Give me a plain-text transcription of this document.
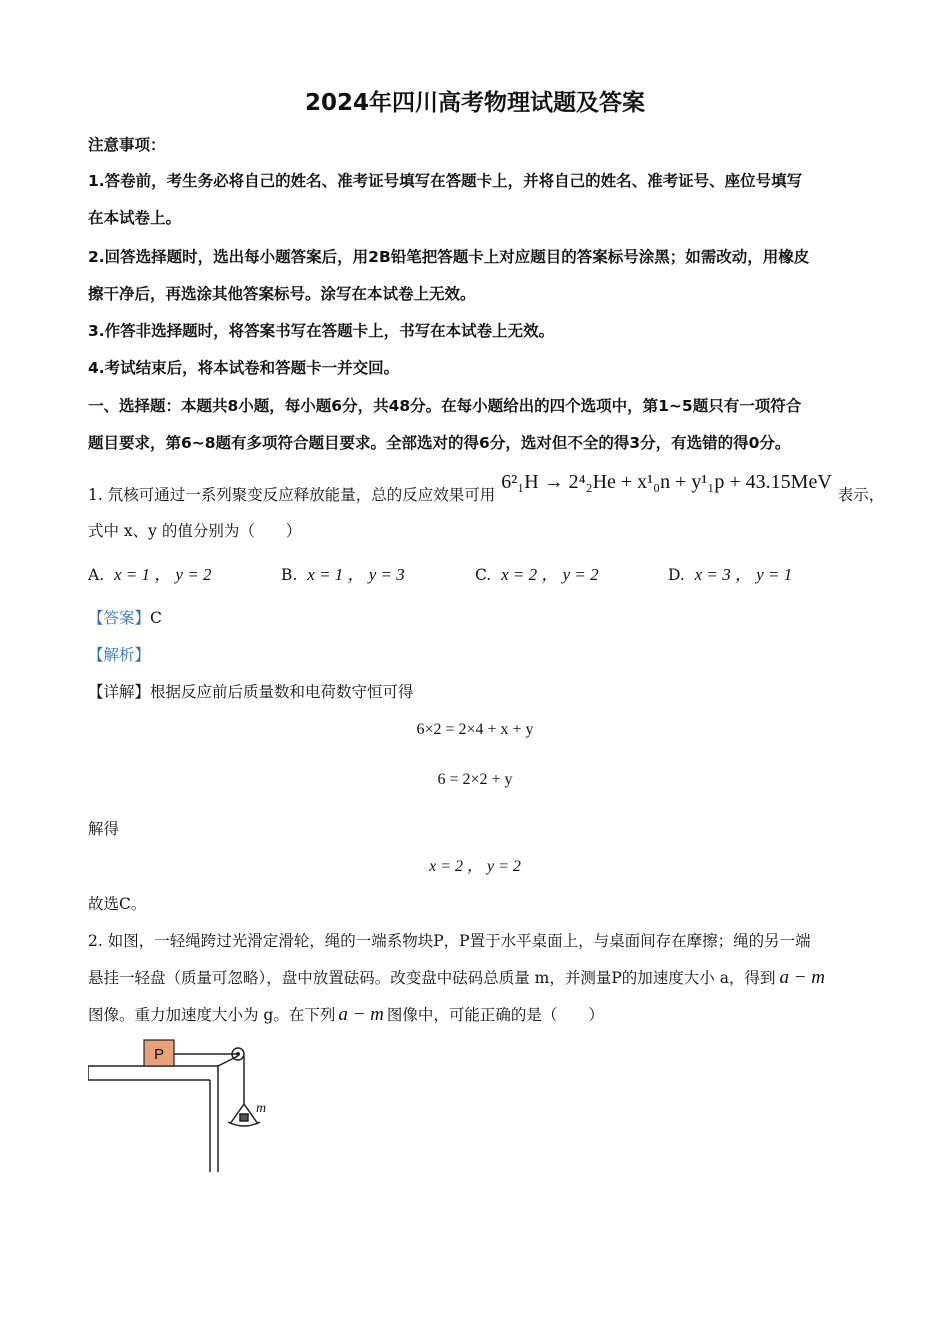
2024年四川高考物理试题及答案
注意事项：
1.答卷前，考生务必将自己的姓名、准考证号填写在答题卡上，并将自己的姓名、准考证号、座位号填写
在本试卷上。
2.回答选择题时，选出每小题答案后，用2B铅笔把答题卡上对应题目的答案标号涂黑；如需改动，用橡皮
擦干净后，再选涂其他答案标号。涂写在本试卷上无效。
3.作答非选择题时，将答案书写在答题卡上，书写在本试卷上无效。
4.考试结束后，将本试卷和答题卡一并交回。
一、选择题：本题共8小题，每小题6分，共48分。在每小题给出的四个选项中，第1~5题只有一项符合
题目要求，第6~8题有多项符合题目要求。全部选对的得6分，选对但不全的得3分，有选错的得0分。
1. 氘核可通过一系列聚变反应释放能量，总的反应效果可用6²₁H → 2⁴₂He + x¹₀n + y¹₁p + 43.15MeV表示，
式中 x、y 的值分别为（　　）
A. x = 1 ， y = 2	B. x = 1 ， y = 3	C. x = 2 ， y = 2	D. x = 3 ， y = 1
【答案】C
【解析】
【详解】根据反应前后质量数和电荷数守恒可得
6×2 = 2×4 + x + y
6 = 2×2 + y
解得
x = 2 ， y = 2
故选C。
2. 如图，一轻绳跨过光滑定滑轮，绳的一端系物块P，P置于水平桌面上，与桌面间存在摩擦；绳的另一端
悬挂一轻盘（质量可忽略），盘中放置砝码。改变盘中砝码总质量 m，并测量P的加速度大小 a，得到 a − m
图像。重力加速度大小为 g。在下列 a − m 图像中，可能正确的是（　　）
P
m
